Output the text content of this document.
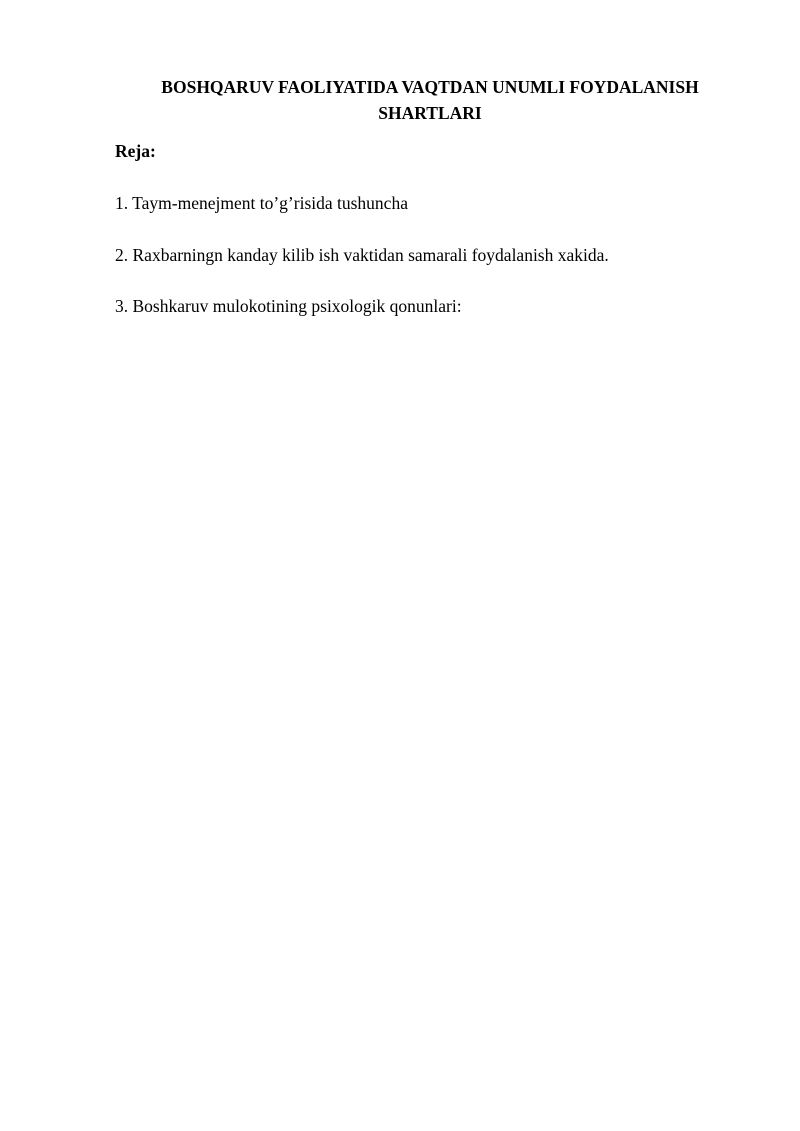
BOSHQARUV FAOLIYATIDA VAQTDAN UNUMLI FOYDALANISH
SHARTLARI

Reja:

1. Taym-menejment to’g’risida tushuncha
2. Raxbarningn kanday kilib ish vaktidan samarali foydalanish xakida.
3. Boshkaruv mulokotining psixologik qonunlari:
